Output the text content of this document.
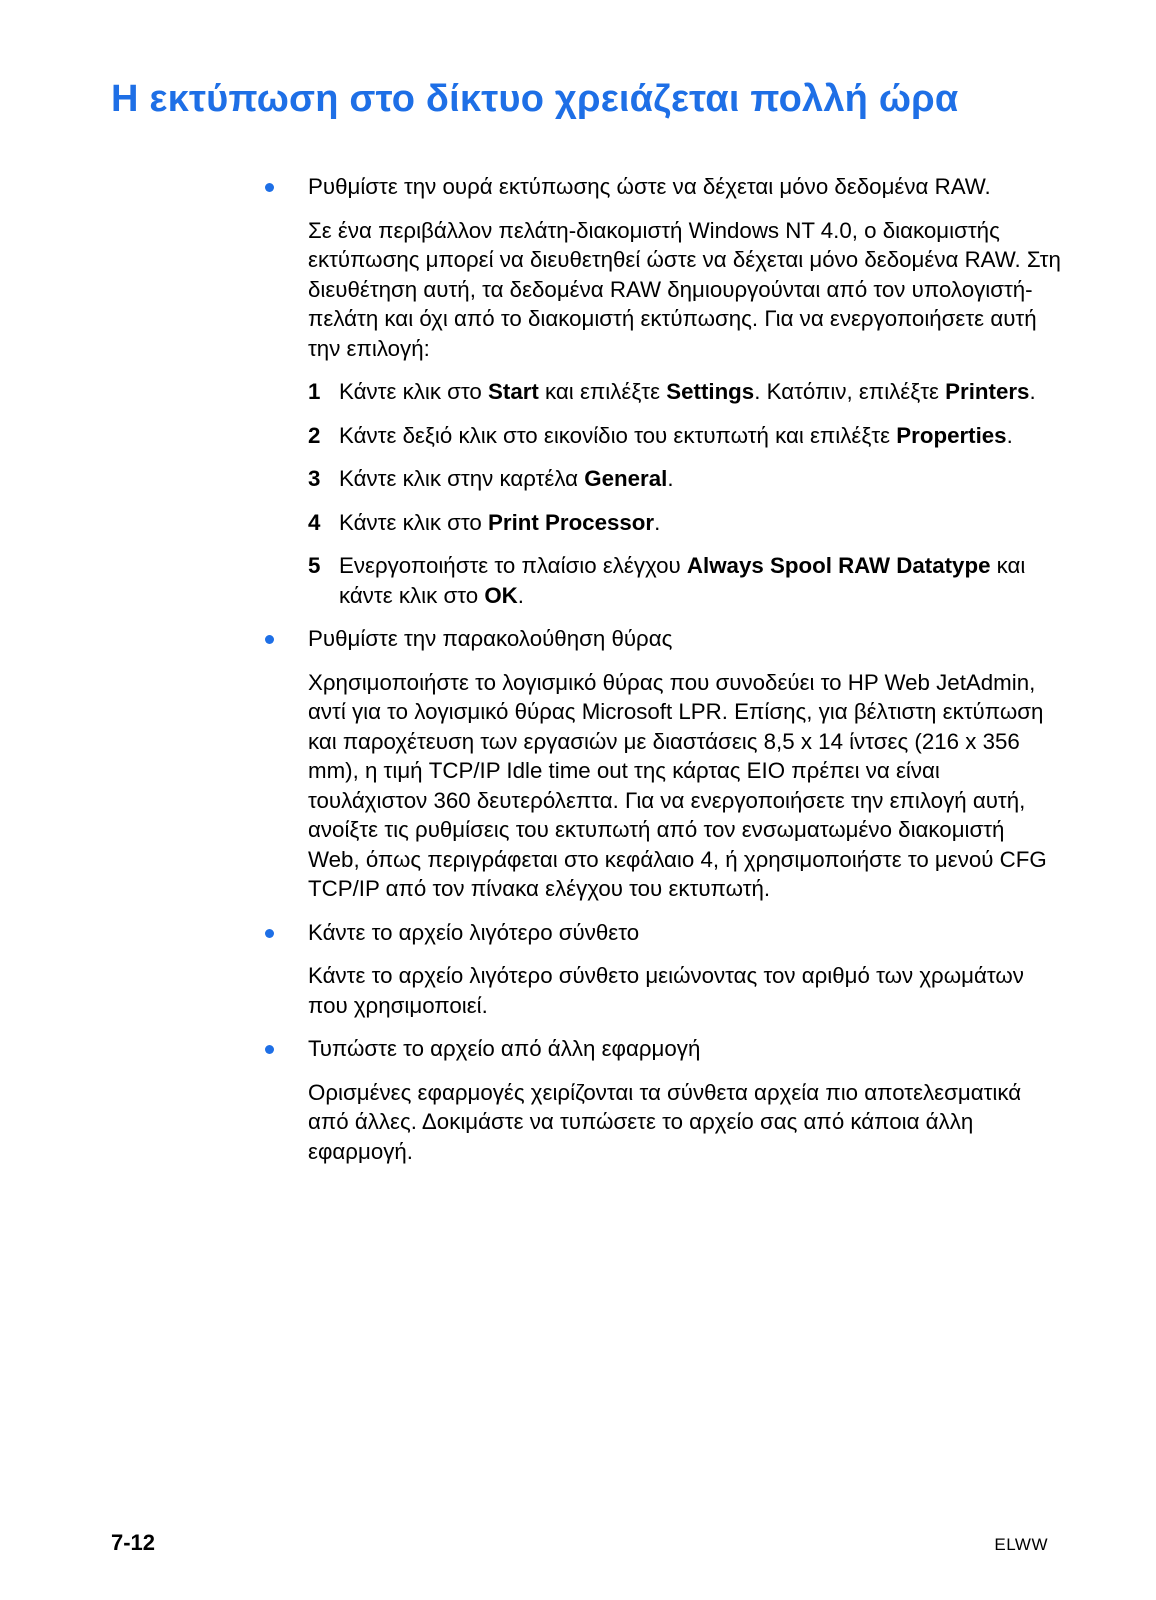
Η εκτύπωση στο δίκτυο χρειάζεται πολλή ώρα
Ρυθμίστε την ουρά εκτύπωσης ώστε να δέχεται μόνο δεδομένα RAW.

Σε ένα περιβάλλον πελάτη-διακομιστή Windows NT 4.0, ο διακομιστής εκτύπωσης μπορεί να διευθετηθεί ώστε να δέχεται μόνο δεδομένα RAW. Στη διευθέτηση αυτή, τα δεδομένα RAW δημιουργούνται από τον υπολογιστή-πελάτη και όχι από το διακομιστή εκτύπωσης. Για να ενεργοποιήσετε αυτή την επιλογή:

1 Κάντε κλικ στο Start και επιλέξτε Settings. Κατόπιν, επιλέξτε Printers.
2 Κάντε δεξιό κλικ στο εικονίδιο του εκτυπωτή και επιλέξτε Properties.
3 Κάντε κλικ στην καρτέλα General.
4 Κάντε κλικ στο Print Processor.
5 Ενεργοποιήστε το πλαίσιο ελέγχου Always Spool RAW Datatype και κάντε κλικ στο OK.
Ρυθμίστε την παρακολούθηση θύρας

Χρησιμοποιήστε το λογισμικό θύρας που συνοδεύει το HP Web JetAdmin, αντί για το λογισμικό θύρας Microsoft LPR. Επίσης, για βέλτιστη εκτύπωση και παροχέτευση των εργασιών με διαστάσεις 8,5 x 14 ίντσες (216 x 356 mm), η τιμή TCP/IP Idle time out της κάρτας EIO πρέπει να είναι τουλάχιστον 360 δευτερόλεπτα. Για να ενεργοποιήσετε την επιλογή αυτή, ανοίξτε τις ρυθμίσεις του εκτυπωτή από τον ενσωματωμένο διακομιστή Web, όπως περιγράφεται στο κεφάλαιο 4, ή χρησιμοποιήστε το μενού CFG TCP/IP από τον πίνακα ελέγχου του εκτυπωτή.

Κάντε το αρχείο λιγότερο σύνθετο

Κάντε το αρχείο λιγότερο σύνθετο μειώνοντας τον αριθμό των χρωμάτων που χρησιμοποιεί.

Τυπώστε το αρχείο από άλλη εφαρμογή

Ορισμένες εφαρμογές χειρίζονται τα σύνθετα αρχεία πιο αποτελεσματικά από άλλες. Δοκιμάστε να τυπώσετε το αρχείο σας από κάποια άλλη εφαρμογή.

7-12	ELWW
